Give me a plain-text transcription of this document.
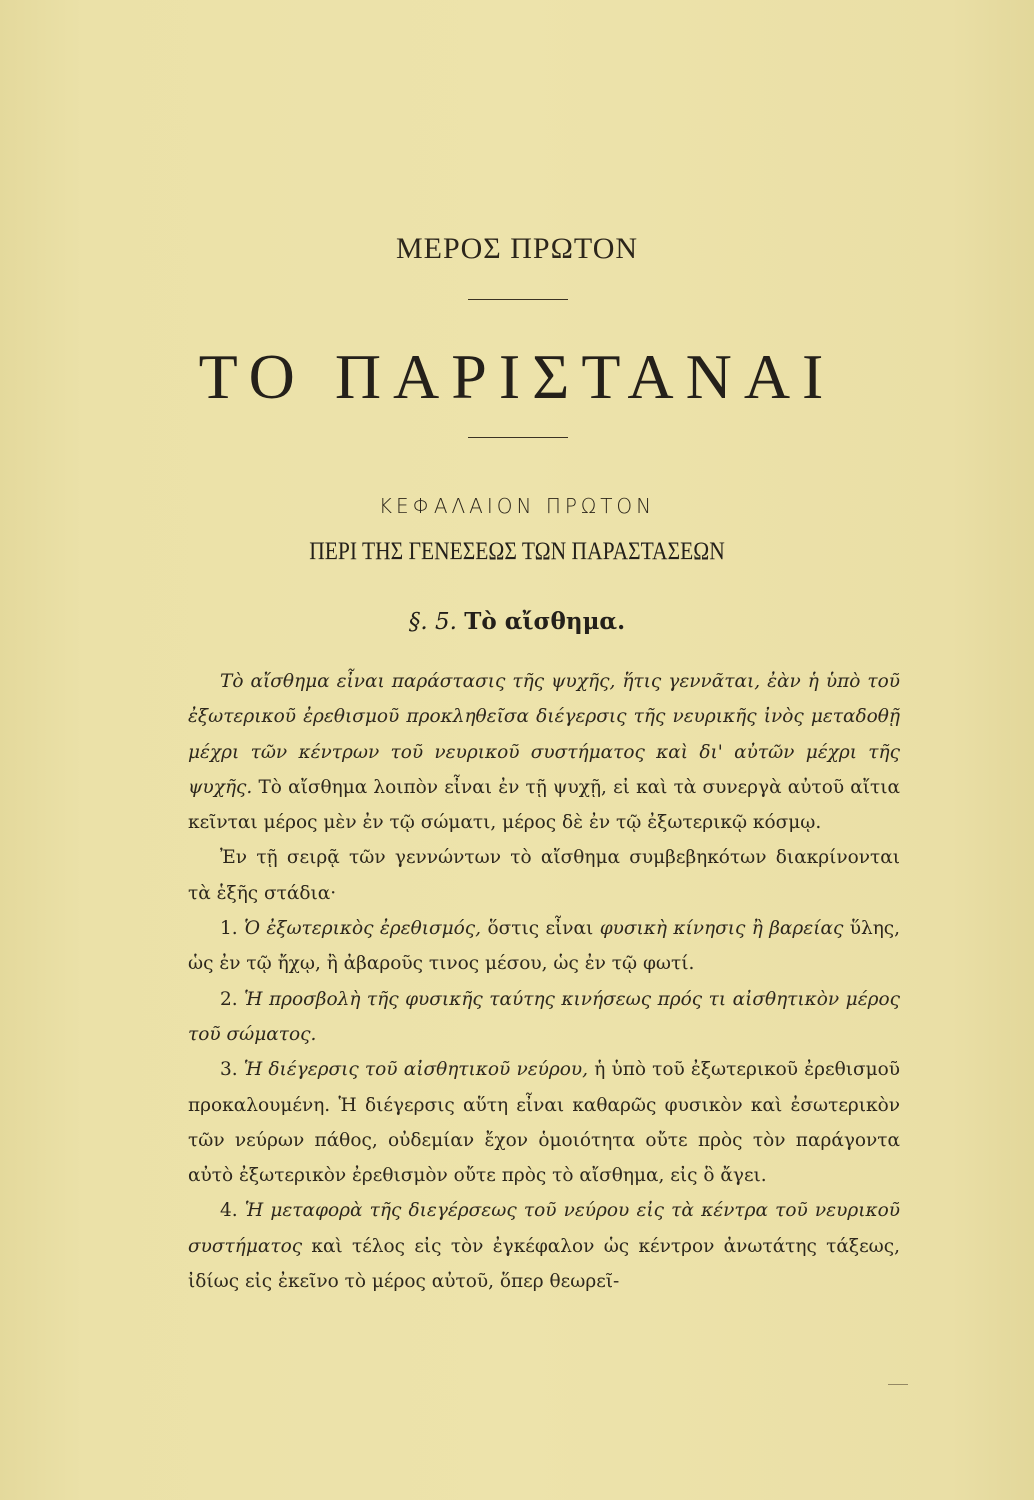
ΜΕΡΟΣ ΠΡΩΤΟΝ
ΤΟ ΠΑΡΙΣΤΑΝΑΙ
ΚΕΦΑΛΑΙΟΝ ΠΡΩΤΟΝ
ΠΕΡΙ ΤΗΣ ΓΕΝΕΣΕΩΣ ΤΩΝ ΠΑΡΑΣΤΑΣΕΩΝ
§. 5. Τὸ αἴσθημα.

Τὸ αἴσθημα εἶναι παράστασις τῆς ψυχῆς, ἥτις γεννᾶται, ἐὰν ἡ ὑπὸ τοῦ ἐξωτερικοῦ ἐρεθισμοῦ προκληθεῖσα διέγερσις τῆς νευρικῆς ἰνὸς μεταδοθῇ μέχρι τῶν κέντρων τοῦ νευρικοῦ συστήματος καὶ δι' αὐτῶν μέχρι τῆς ψυχῆς. Τὸ αἴσθημα λοιπὸν εἶναι ἐν τῇ ψυχῇ, εἰ καὶ τὰ συνεργὰ αὐτοῦ αἴτια κεῖνται μέρος μὲν ἐν τῷ σώματι, μέρος δὲ ἐν τῷ ἐξωτερικῷ κόσμῳ.

Ἐν τῇ σειρᾷ τῶν γεννώντων τὸ αἴσθημα συμβεβηκότων διακρίνονται τὰ ἑξῆς στάδια·

1. Ὁ ἐξωτερικὸς ἐρεθισμός, ὅστις εἶναι φυσικὴ κίνησις ἢ βαρείας ὕλης, ὡς ἐν τῷ ἤχῳ, ἢ ἀβαροῦς τινος μέσου, ὡς ἐν τῷ φωτί.

2. Ἡ προσβολὴ τῆς φυσικῆς ταύτης κινήσεως πρός τι αἰσθητικὸν μέρος τοῦ σώματος.

3. Ἡ διέγερσις τοῦ αἰσθητικοῦ νεύρου, ἡ ὑπὸ τοῦ ἐξωτερικοῦ ἐρεθισμοῦ προκαλουμένη. Ἡ διέγερσις αὕτη εἶναι καθαρῶς φυσικὸν καὶ ἐσωτερικὸν τῶν νεύρων πάθος, οὐδεμίαν ἔχον ὁμοιότητα οὔτε πρὸς τὸν παράγοντα αὐτὸ ἐξωτερικὸν ἐρεθισμὸν οὔτε πρὸς τὸ αἴσθημα, εἰς ὃ ἄγει.

4. Ἡ μεταφορὰ τῆς διεγέρσεως τοῦ νεύρου εἰς τὰ κέντρα τοῦ νευρικοῦ συστήματος καὶ τέλος εἰς τὸν ἐγκέφαλον ὡς κέντρον ἀνωτάτης τάξεως, ἰδίως εἰς ἐκεῖνο τὸ μέρος αὐτοῦ, ὅπερ θεωρεῖ-
